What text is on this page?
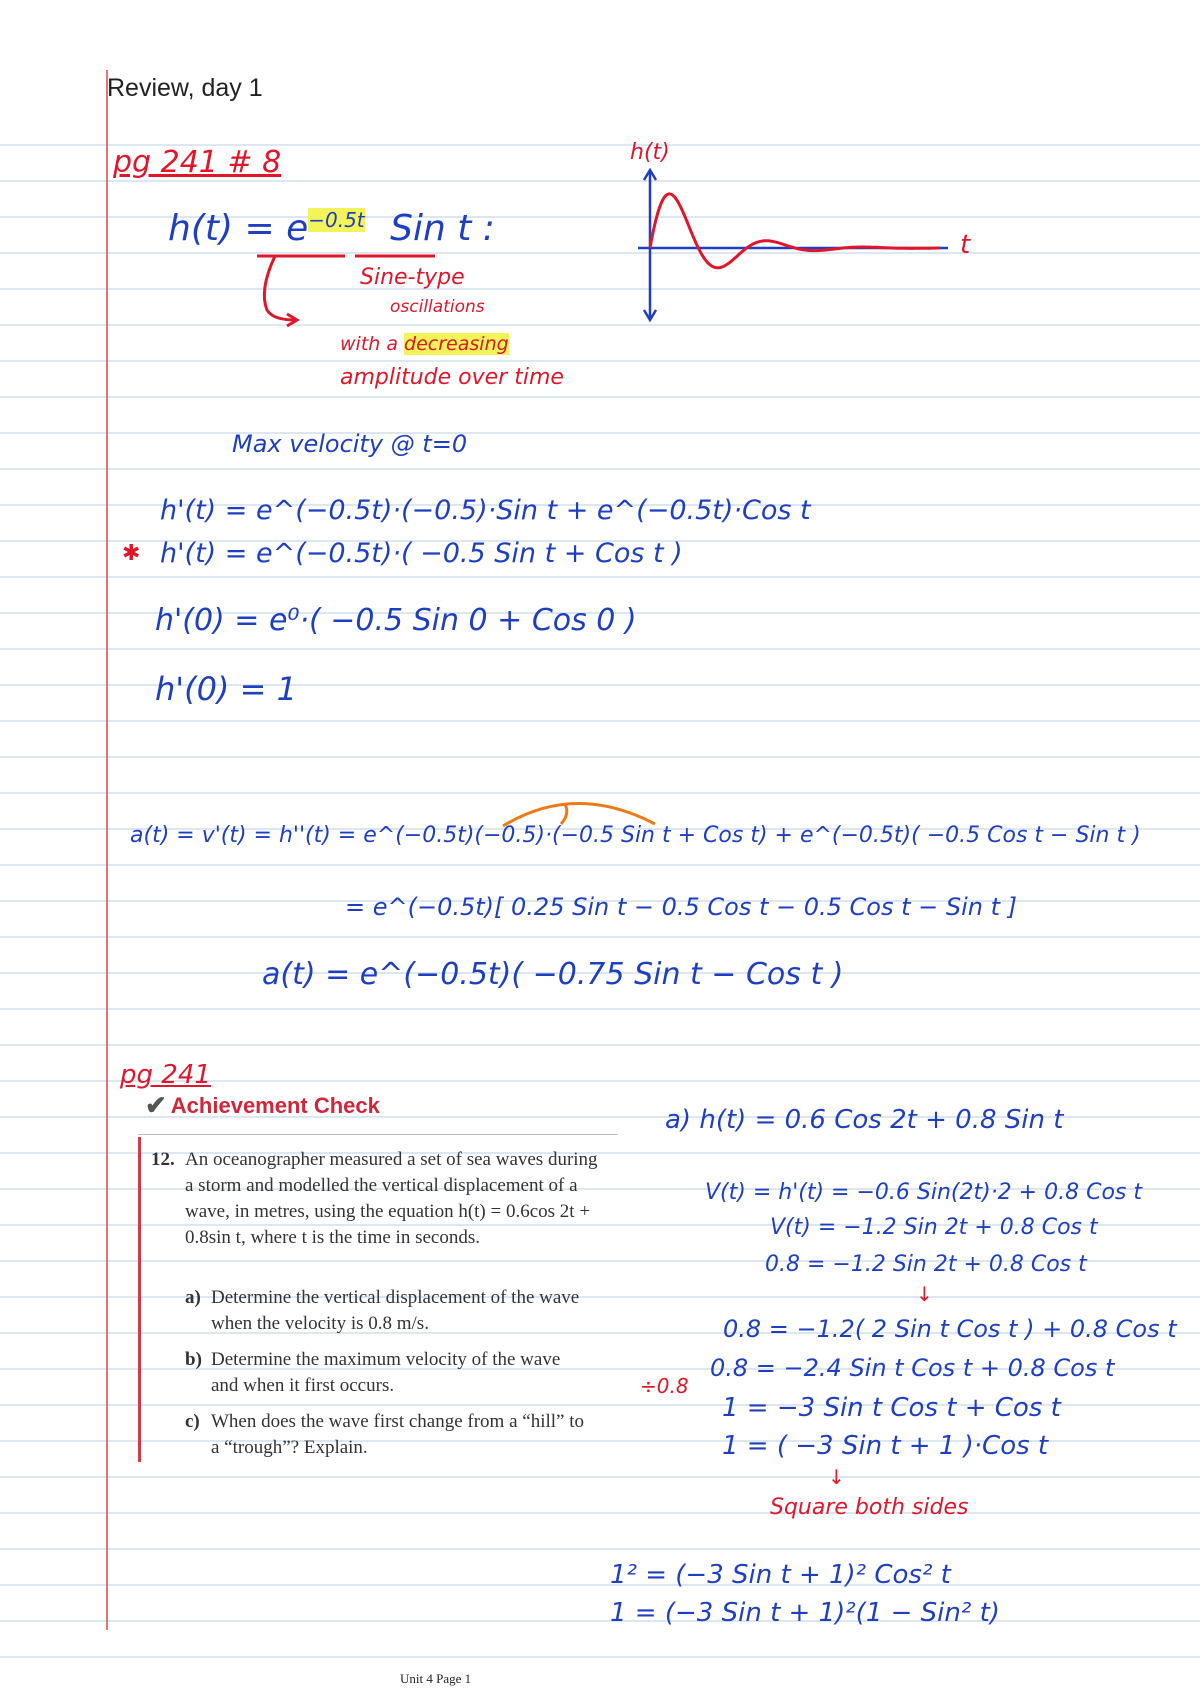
Review, day 1
pg 241 # 8
$h(t) = e^{-0.5t}$ Sin t :
Sine-type
oscillations
with a decreasing
amplitude over time
h(t)
t
Max velocity @ t=0
h'(t) = e^(−0.5t)·(−0.5)·Sin t + e^(−0.5t)·Cos t
✱ h'(t) = e^(−0.5t)·( −0.5 Sin t + Cos t )
h'(0) = e⁰·( −0.5 Sin 0 + Cos 0 )
h'(0) = 1
a(t) = v'(t) = h''(t) = e^(−0.5t)(−0.5)·(−0.5 Sin t + Cos t) + e^(−0.5t)( −0.5 Cos t − Sin t )
= e^(−0.5t)[ 0.25 Sin t − 0.5 Cos t − 0.5 Cos t − Sin t ]
a(t) = e^(−0.5t)( −0.75 Sin t − Cos t )
pg 241
✔ Achievement Check
12. An oceanographer measured a set of sea waves during a storm and modelled the vertical displacement of a wave, in metres, using the equation h(t) = 0.6cos 2t + 0.8sin t, where t is the time in seconds.
a) Determine the vertical displacement of the wave when the velocity is 0.8 m/s.
b) Determine the maximum velocity of the wave and when it first occurs.
c) When does the wave first change from a “hill” to a “trough”? Explain.
a) h(t) = 0.6 Cos 2t + 0.8 Sin t
V(t) = h'(t) = −0.6 Sin(2t)·2 + 0.8 Cos t
V(t) = −1.2 Sin 2t + 0.8 Cos t
0.8 = −1.2 Sin 2t + 0.8 Cos t
↓
0.8 = −1.2( 2 Sin t Cos t ) + 0.8 Cos t
÷0.8
0.8 = −2.4 Sin t Cos t + 0.8 Cos t
1 = −3 Sin t Cos t + Cos t
1 = ( −3 Sin t + 1 )·Cos t
↓
Square both sides
1² = (−3 Sin t + 1)² Cos² t
1 = (−3 Sin t + 1)²(1 − Sin² t)
Unit 4 Page 1
